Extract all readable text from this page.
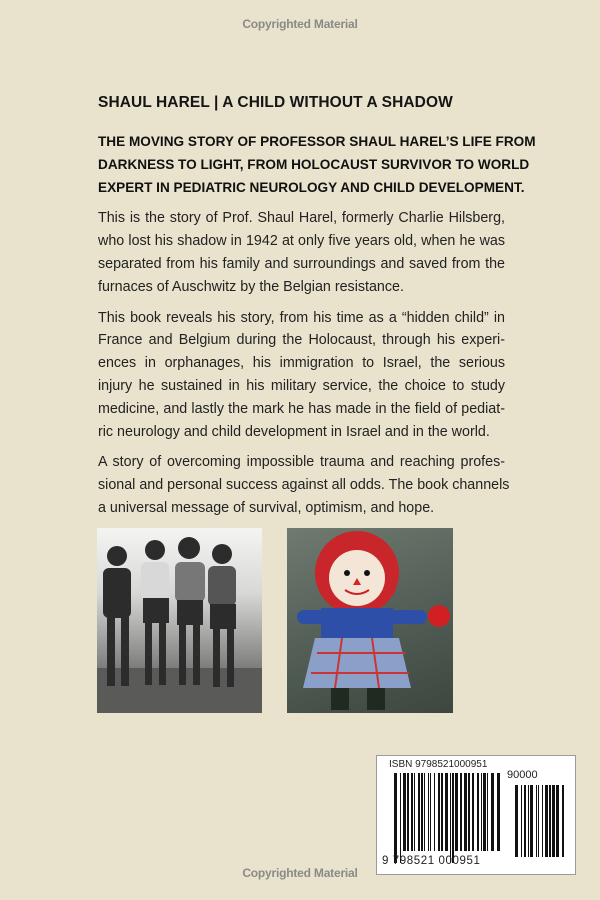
Copyrighted Material
SHAUL HAREL | A CHILD WITHOUT A SHADOW
THE MOVING STORY OF PROFESSOR SHAUL HAREL’S LIFE FROM
DARKNESS TO LIGHT, FROM HOLOCAUST SURVIVOR TO WORLD
EXPERT IN PEDIATRIC NEUROLOGY AND CHILD DEVELOPMENT.
This is the story of Prof. Shaul Harel, formerly Charlie Hilsberg,
who lost his shadow in 1942 at only five years old, when he was
separated from his family and surroundings and saved from the
furnaces of Auschwitz by the Belgian resistance.
This book reveals his story, from his time as a “hidden child” in
France and Belgium during the Holocaust, through his experi-
ences in orphanages, his immigration to Israel, the serious
injury he sustained in his military service, the choice to study
medicine, and lastly the mark he has made in the field of pediat-
ric neurology and child development in Israel and in the world.
A story of overcoming impossible trauma and reaching profes-
sional and personal success against all odds. The book channels
a universal message of survival, optimism, and hope.
ISBN 9798521000951
90000
9 798521 000951
Copyrighted Material
